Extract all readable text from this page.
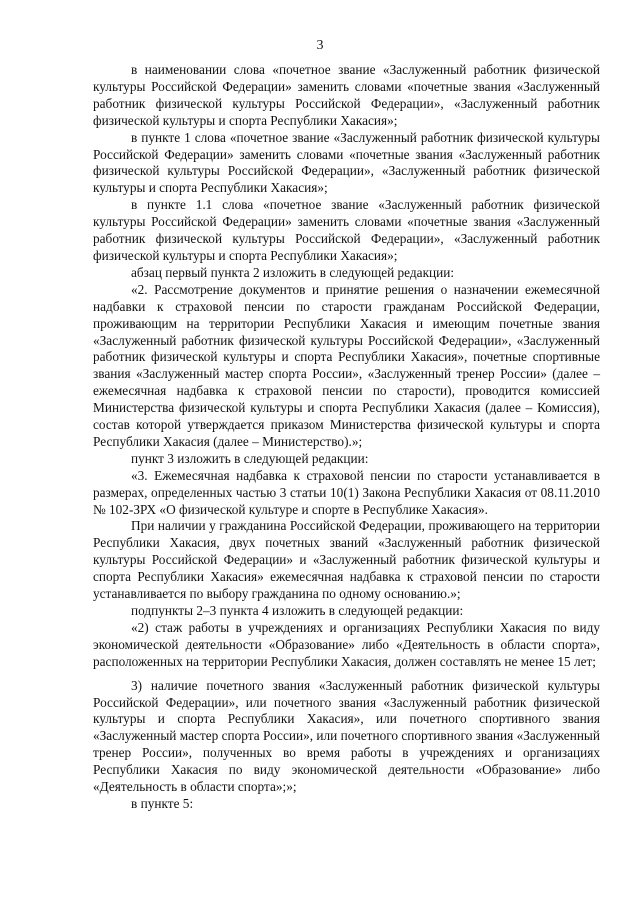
3

в наименовании слова «почетное звание «Заслуженный работник физической культуры Российской Федерации» заменить словами «почетные звания «Заслуженный работник физической культуры Российской Федерации», «Заслуженный работник физической культуры и спорта Республики Хакасия»;

в пункте 1 слова «почетное звание «Заслуженный работник физической культуры Российской Федерации» заменить словами «почетные звания «Заслуженный работник физической культуры Российской Федерации», «Заслуженный работник физической культуры и спорта Республики Хакасия»;

в пункте 1.1 слова «почетное звание «Заслуженный работник физической культуры Российской Федерации» заменить словами «почетные звания «Заслуженный работник физической культуры Российской Федерации», «Заслуженный работник физической культуры и спорта Республики Хакасия»;

абзац первый пункта 2 изложить в следующей редакции:

«2. Рассмотрение документов и принятие решения о назначении ежемесячной надбавки к страховой пенсии по старости гражданам Российской Федерации, проживающим на территории Республики Хакасия и имеющим почетные звания «Заслуженный работник физической культуры Российской Федерации», «Заслуженный работник физической культуры и спорта Республики Хакасия», почетные спортивные звания «Заслуженный мастер спорта России», «Заслуженный тренер России» (далее – ежемесячная надбавка к страховой пенсии по старости), проводится комиссией Министерства физической культуры и спорта Республики Хакасия (далее – Комиссия), состав которой утверждается приказом Министерства физической культуры и спорта Республики Хакасия (далее – Министерство).»;

пункт 3 изложить в следующей редакции:

«3. Ежемесячная надбавка к страховой пенсии по старости устанавливается в размерах, определенных частью 3 статьи 10(1) Закона Республики Хакасия от 08.11.2010 № 102-ЗРХ «О физической культуре и спорте в Республике Хакасия».

При наличии у гражданина Российской Федерации, проживающего на территории Республики Хакасия, двух почетных званий «Заслуженный работник физической культуры Российской Федерации» и «Заслуженный работник физической культуры и спорта Республики Хакасия» ежемесячная надбавка к страховой пенсии по старости устанавливается по выбору гражданина по одному основанию.»;

подпункты 2–3 пункта 4 изложить в следующей редакции:

«2) стаж работы в учреждениях и организациях Республики Хакасия по виду экономической деятельности «Образование» либо «Деятельность в области спорта», расположенных на территории Республики Хакасия, должен составлять не менее 15 лет;

3) наличие почетного звания «Заслуженный работник физической культуры Российской Федерации», или почетного звания «Заслуженный работник физической культуры и спорта Республики Хакасия», или почетного спортивного звания «Заслуженный мастер спорта России», или почетного спортивного звания «Заслуженный тренер России», полученных во время работы в учреждениях и организациях Республики Хакасия по виду экономической деятельности «Образование» либо «Деятельность в области спорта»;»;

в пункте 5:
